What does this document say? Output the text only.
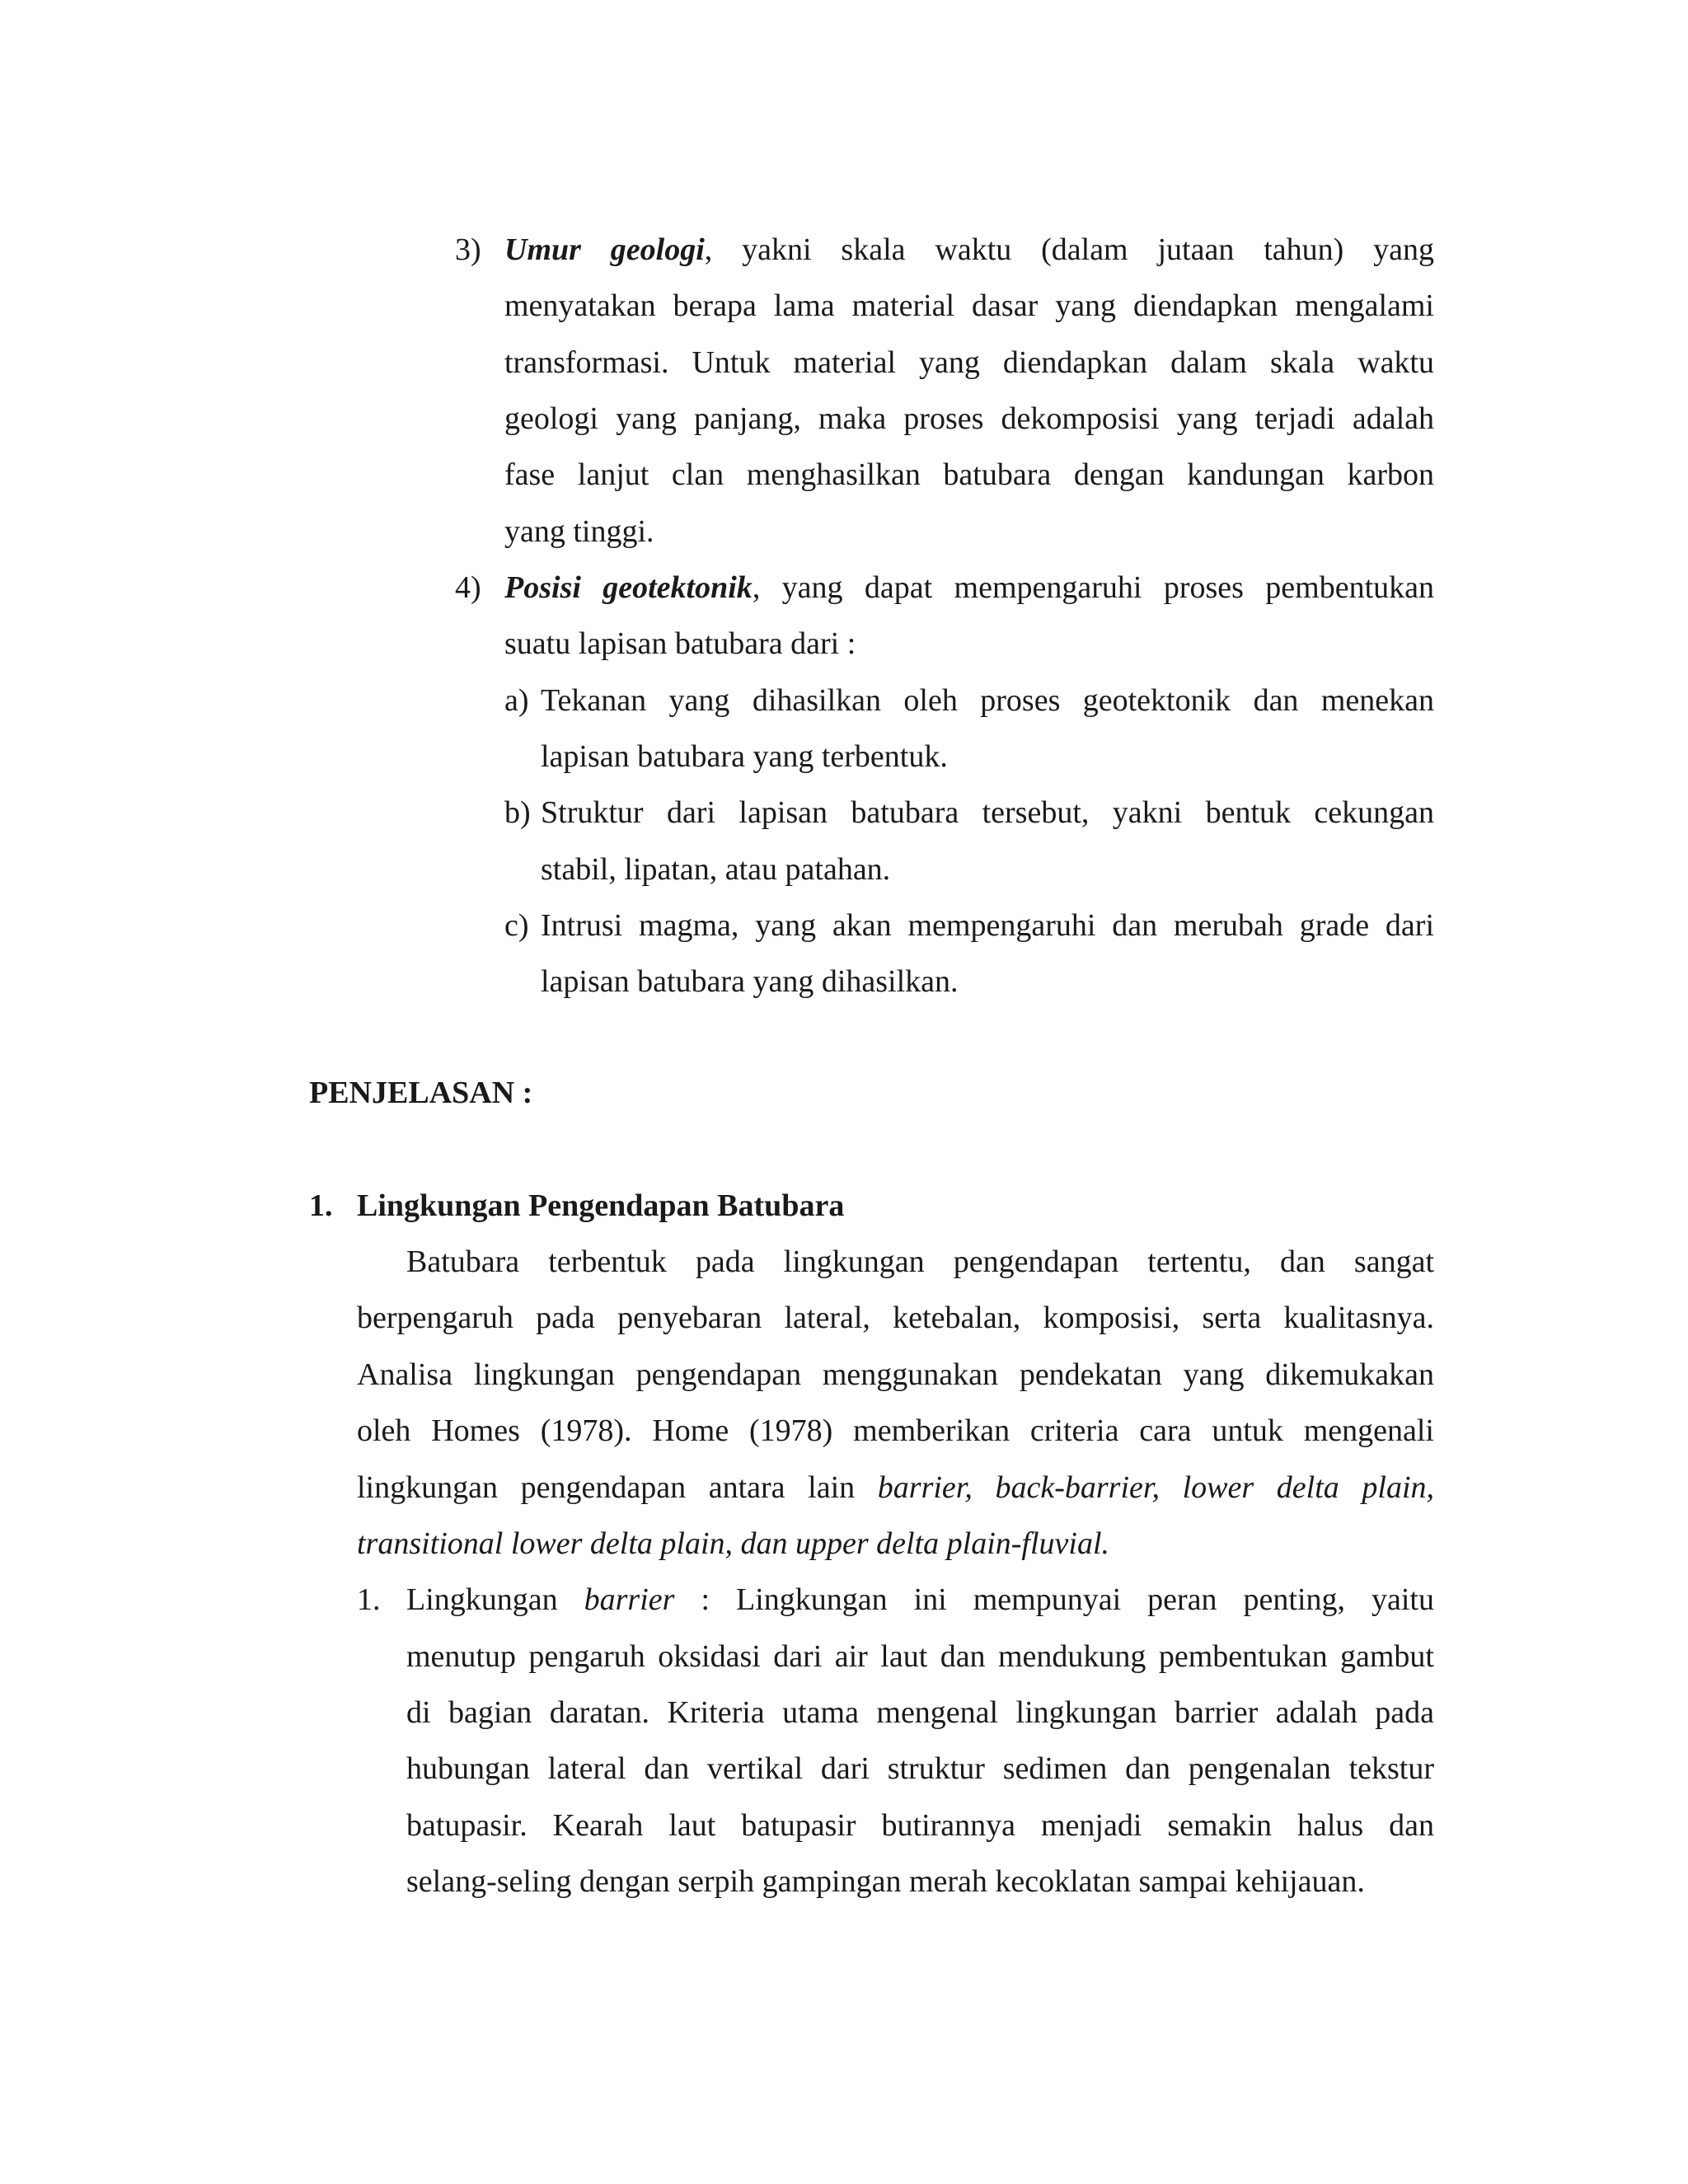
3) Umur geologi, yakni skala waktu (dalam jutaan tahun) yang
menyatakan berapa lama material dasar yang diendapkan mengalami
transformasi. Untuk material yang diendapkan dalam skala waktu
geologi yang panjang, maka proses dekomposisi yang terjadi adalah
fase lanjut clan menghasilkan batubara dengan kandungan karbon
yang tinggi.
4) Posisi geotektonik, yang dapat mempengaruhi proses pembentukan
suatu lapisan batubara dari :
a) Tekanan yang dihasilkan oleh proses geotektonik dan menekan
lapisan batubara yang terbentuk.
b) Struktur dari lapisan batubara tersebut, yakni bentuk cekungan
stabil, lipatan, atau patahan.
c) Intrusi magma, yang akan mempengaruhi dan merubah grade dari
lapisan batubara yang dihasilkan.
PENJELASAN :
1. Lingkungan Pengendapan Batubara
Batubara terbentuk pada lingkungan pengendapan tertentu, dan sangat
berpengaruh pada penyebaran lateral, ketebalan, komposisi, serta kualitasnya.
Analisa lingkungan pengendapan menggunakan pendekatan yang dikemukakan
oleh Homes (1978). Home (1978) memberikan criteria cara untuk mengenali
lingkungan pengendapan antara lain barrier, back-barrier, lower delta plain,
transitional lower delta plain, dan upper delta plain-fluvial.
1. Lingkungan barrier : Lingkungan ini mempunyai peran penting, yaitu
menutup pengaruh oksidasi dari air laut dan mendukung pembentukan gambut
di bagian daratan. Kriteria utama mengenal lingkungan barrier adalah pada
hubungan lateral dan vertikal dari struktur sedimen dan pengenalan tekstur
batupasir. Kearah laut batupasir butirannya menjadi semakin halus dan
selang-seling dengan serpih gampingan merah kecoklatan sampai kehijauan.
